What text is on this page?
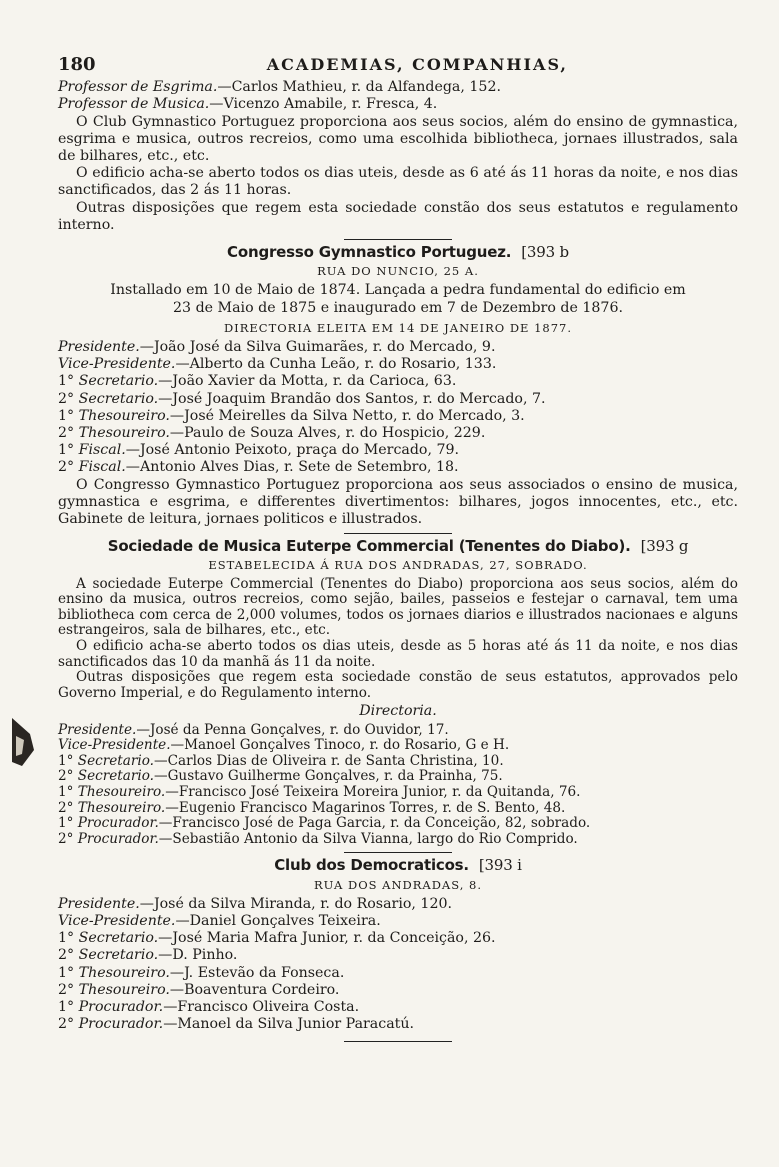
180	ACADEMIAS, COMPANHIAS,

Professor de Esgrima.—Carlos Mathieu, r. da Alfandega, 152.

Professor de Musica.—Vicenzo Amabile, r. Fresca, 4.

O Club Gymnastico Portuguez proporciona aos seus socios, além do ensino de gymnastica, esgrima e musica, outros recreios, como uma escolhida bibliotheca, jornaes illustrados, sala de bilhares, etc., etc.

O edificio acha-se aberto todos os dias uteis, desde as 6 até ás 11 horas da noite, e nos dias sanctificados, das 2 ás 11 horas.

Outras disposições que regem esta sociedade constão dos seus estatutos e regulamento interno.

Congresso Gymnastico Portuguez. [393 b
RUA DO NUNCIO, 25 A.

Installado em 10 de Maio de 1874. Lançada a pedra fundamental do edificio em

23 de Maio de 1875 e inaugurado em 7 de Dezembro de 1876.

DIRECTORIA ELEITA EM 14 DE JANEIRO DE 1877.

Presidente.—João José da Silva Guimarães, r. do Mercado, 9.

Vice-Presidente.—Alberto da Cunha Leão, r. do Rosario, 133.

1° Secretario.—João Xavier da Motta, r. da Carioca, 63.

2° Secretario.—José Joaquim Brandão dos Santos, r. do Mercado, 7.

1° Thesoureiro.—José Meirelles da Silva Netto, r. do Mercado, 3.

2° Thesoureiro.—Paulo de Souza Alves, r. do Hospicio, 229.

1° Fiscal.—José Antonio Peixoto, praça do Mercado, 79.

2° Fiscal.—Antonio Alves Dias, r. Sete de Setembro, 18.

O Congresso Gymnastico Portuguez proporciona aos seus associados o ensino de musica, gymnastica e esgrima, e differentes divertimentos: bilhares, jogos innocentes, etc., etc. Gabinete de leitura, jornaes politicos e illustrados.

Sociedade de Musica Euterpe Commercial (Tenentes do Diabo). [393 g
ESTABELECIDA Á RUA DOS ANDRADAS, 27, SOBRADO.

A sociedade Euterpe Commercial (Tenentes do Diabo) proporciona aos seus socios, além do ensino da musica, outros recreios, como sejão, bailes, passeios e festejar o carnaval, tem uma bibliotheca com cerca de 2,000 volumes, todos os jornaes diarios e illustrados nacionaes e alguns estrangeiros, sala de bilhares, etc., etc.

O edificio acha-se aberto todos os dias uteis, desde as 5 horas até ás 11 da noite, e nos dias sanctificados das 10 da manhã ás 11 da noite.

Outras disposições que regem esta sociedade constão de seus estatutos, approvados pelo Governo Imperial, e do Regulamento interno.

Directoria.

Presidente.—José da Penna Gonçalves, r. do Ouvidor, 17.

Vice-Presidente.—Manoel Gonçalves Tinoco, r. do Rosario, G e H.

1° Secretario.—Carlos Dias de Oliveira r. de Santa Christina, 10.

2° Secretario.—Gustavo Guilherme Gonçalves, r. da Prainha, 75.

1° Thesoureiro.—Francisco José Teixeira Moreira Junior, r. da Quitanda, 76.

2° Thesoureiro.—Eugenio Francisco Magarinos Torres, r. de S. Bento, 48.

1° Procurador.—Francisco José de Paga Garcia, r. da Conceição, 82, sobrado.

2° Procurador.—Sebastião Antonio da Silva Vianna, largo do Rio Comprido.

Club dos Democraticos. [393 i
RUA DOS ANDRADAS, 8.

Presidente.—José da Silva Miranda, r. do Rosario, 120.

Vice-Presidente.—Daniel Gonçalves Teixeira.

1° Secretario.—José Maria Mafra Junior, r. da Conceição, 26.

2° Secretario.—D. Pinho.

1° Thesoureiro.—J. Estevão da Fonseca.

2° Thesoureiro.—Boaventura Cordeiro.

1° Procurador.—Francisco Oliveira Costa.

2° Procurador.—Manoel da Silva Junior Paracatú.
